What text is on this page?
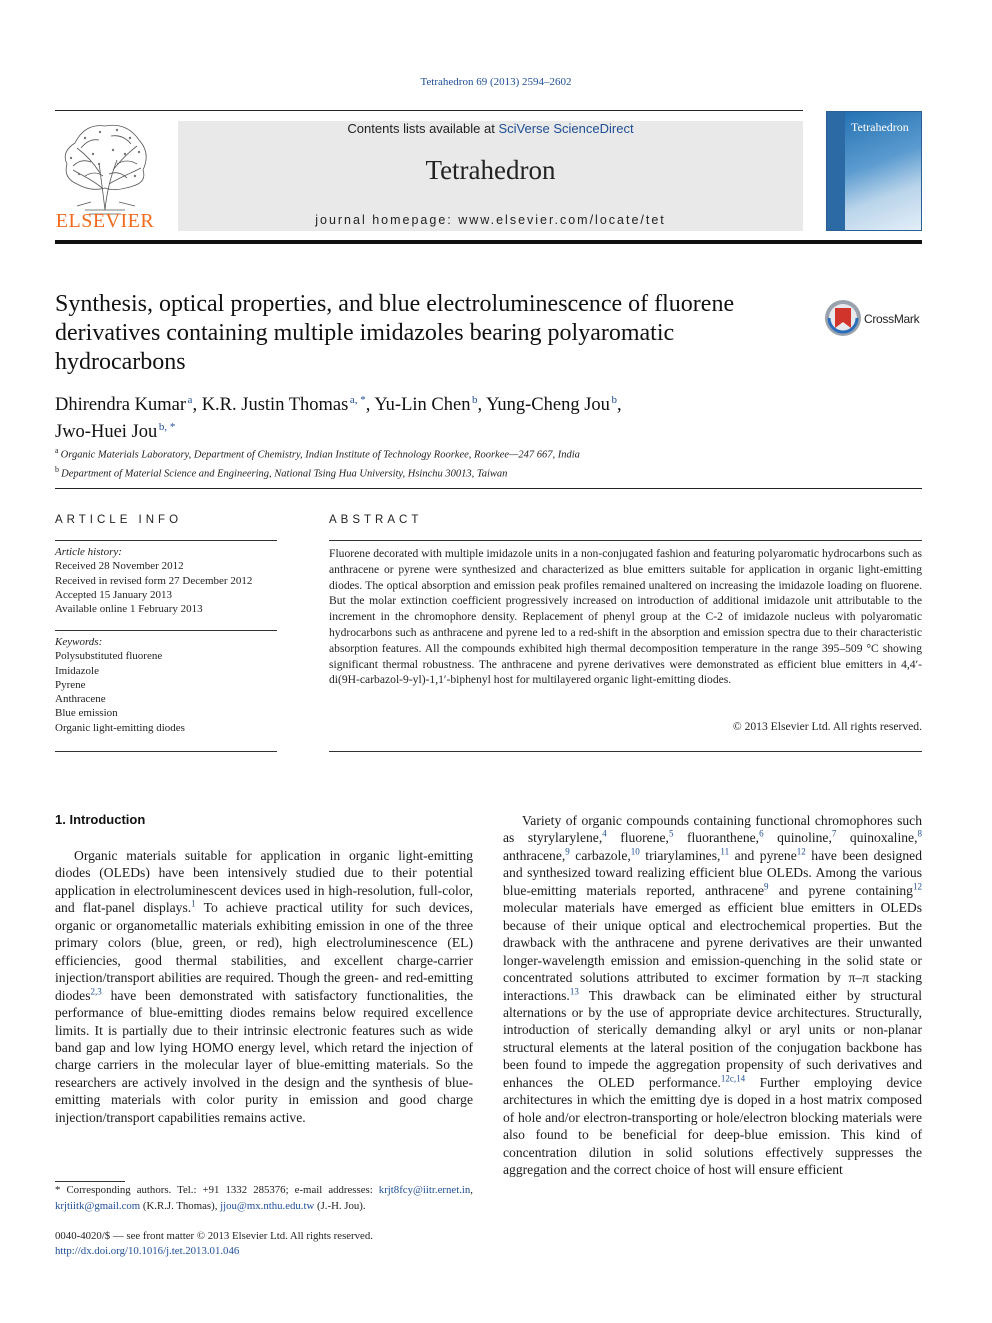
Tetrahedron 69 (2013) 2594–2602
ELSEVIER
Contents lists available at SciVerse ScienceDirect
Tetrahedron
journal homepage: www.elsevier.com/locate/tet
Tetrahedron
Synthesis, optical properties, and blue electroluminescence of fluorene derivatives containing multiple imidazoles bearing polyaromatic hydrocarbons
CrossMark
Dhirendra Kumar  $^a$, K.R. Justin Thomas  $^{a, *}$, Yu-Lin Chen  $^b$, Yung-Cheng Jou  $^b$,
Jwo-Huei Jou  $^{b, *}$
$^a$  Organic Materials Laboratory, Department of Chemistry, Indian Institute of Technology Roorkee, Roorkee—247 667, India
$^b$  Department of Material Science and Engineering, National Tsing Hua University, Hsinchu 30013, Taiwan
ARTICLE INFO
Article history:
Received 28 November 2012
Received in revised form 27 December 2012
Accepted 15 January 2013
Available online 1 February 2013
Keywords:
Polysubstituted fluorene
Imidazole
Pyrene
Anthracene
Blue emission
Organic light-emitting diodes
ABSTRACT

Fluorene decorated with multiple imidazole units in a non-conjugated fashion and featuring polyaromatic hydrocarbons such as anthracene or pyrene were synthesized and characterized as blue emitters suitable for application in organic light-emitting diodes. The optical absorption and emission peak profiles remained unaltered on increasing the imidazole loading on fluorene. But the molar extinction coefficient progressively increased on introduction of additional imidazole unit attributable to the increment in the chromophore density. Replacement of phenyl group at the C-2 of imidazole nucleus with polyaromatic hydrocarbons such as anthracene and pyrene led to a red-shift in the absorption and emission spectra due to their characteristic absorption features. All the compounds exhibited high thermal decomposition temperature in the range 395–509 °C showing significant thermal robustness. The anthracene and pyrene derivatives were demonstrated as efficient blue emitters in 4,4′-di(9H-carbazol-9-yl)-1,1′-biphenyl host for multilayered organic light-emitting diodes.

© 2013 Elsevier Ltd. All rights reserved.
1. Introduction

Organic materials suitable for application in organic light-emitting diodes (OLEDs) have been intensively studied due to their potential application in electroluminescent devices used in high-resolution, full-color, and flat-panel displays.$^1$ To achieve practical utility for such devices, organic or organometallic materials exhibiting emission in one of the three primary colors (blue, green, or red), high electroluminescence (EL) efficiencies, good thermal stabilities, and excellent charge-carrier injection/transport abilities are required. Though the green- and red-emitting diodes$^{2,3}$ have been demonstrated with satisfactory functionalities, the performance of blue-emitting diodes remains below required excellence limits. It is partially due to their intrinsic electronic features such as wide band gap and low lying HOMO energy level, which retard the injection of charge carriers in the molecular layer of blue-emitting materials. So the researchers are actively involved in the design and the synthesis of blue-emitting materials with color purity in emission and good charge injection/transport capabilities remains active.

Variety of organic compounds containing functional chromophores such as styrylarylene,$^4$ fluorene,$^5$ fluoranthene,$^6$ quinoline,$^7$ quinoxaline,$^8$ anthracene,$^9$ carbazole,$^{10}$ triarylamines,$^{11}$ and pyrene$^{12}$ have been designed and synthesized toward realizing efficient blue OLEDs. Among the various blue-emitting materials reported, anthracene$^9$ and pyrene containing$^{12}$ molecular materials have emerged as efficient blue emitters in OLEDs because of their unique optical and electrochemical properties. But the drawback with the anthracene and pyrene derivatives are their unwanted longer-wavelength emission and emission-quenching in the solid state or concentrated solutions attributed to excimer formation by π–π stacking interactions.$^{13}$ This drawback can be eliminated either by structural alternations or by the use of appropriate device architectures. Structurally, introduction of sterically demanding alkyl or aryl units or non-planar structural elements at the lateral position of the conjugation backbone has been found to impede the aggregation propensity of such derivatives and enhances the OLED performance.$^{12c,14}$ Further employing device architectures in which the emitting dye is doped in a host matrix composed of hole and/or electron-transporting or hole/electron blocking materials were also found to be beneficial for deep-blue emission. This kind of concentration dilution in solid solutions effectively suppresses the aggregation and the correct choice of host will ensure efficient

* Corresponding authors. Tel.: +91 1332 285376; e-mail addresses: krjt8fcy@iitr.ernet.in, krjtiitk@gmail.com (K.R.J. Thomas), jjou@mx.nthu.edu.tw (J.-H. Jou).
0040-4020/$ — see front matter © 2013 Elsevier Ltd. All rights reserved.
http://dx.doi.org/10.1016/j.tet.2013.01.046
